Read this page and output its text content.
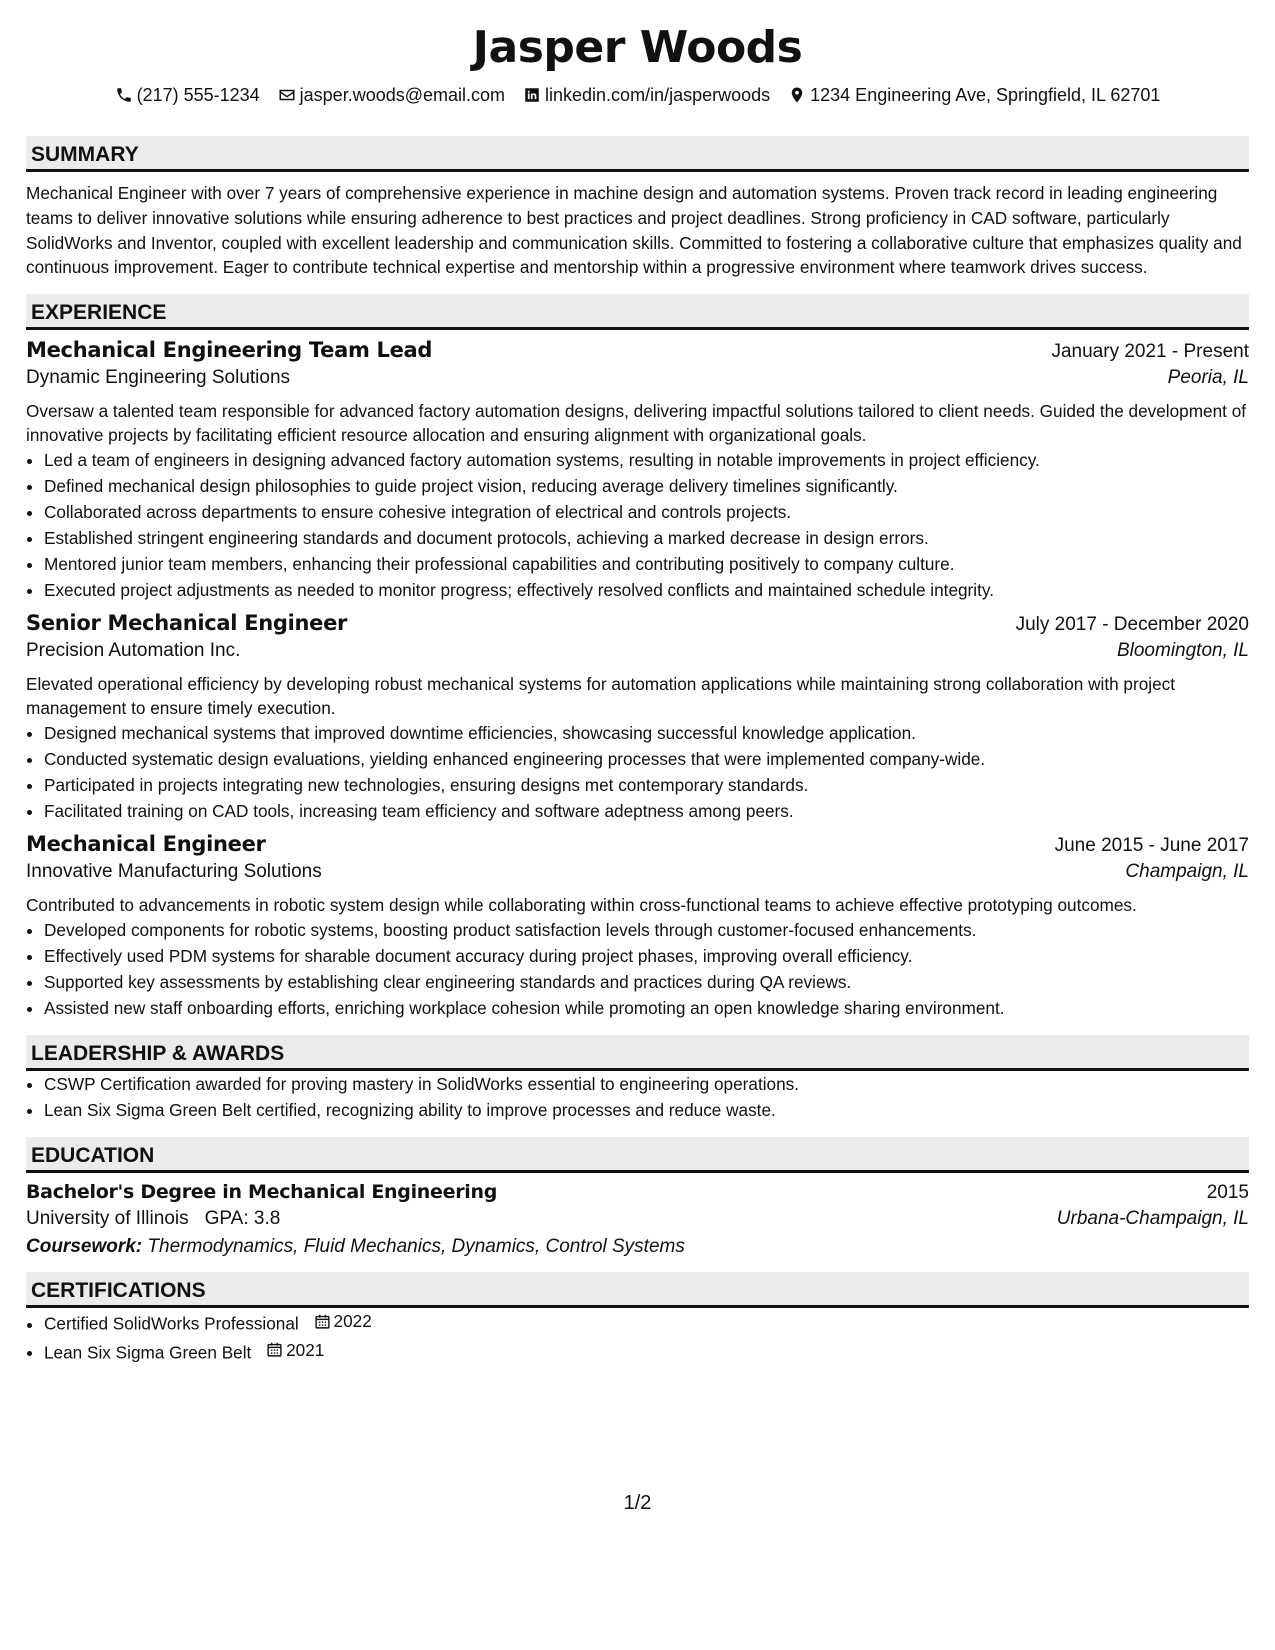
Jasper Woods
(217) 555-1234 jasper.woods@email.com linkedin.com/in/jasperwoods 1234 Engineering Ave, Springfield, IL 62701
SUMMARY
Mechanical Engineer with over 7 years of comprehensive experience in machine design and automation systems. Proven track record in leading engineering teams to deliver innovative solutions while ensuring adherence to best practices and project deadlines. Strong proficiency in CAD software, particularly SolidWorks and Inventor, coupled with excellent leadership and communication skills. Committed to fostering a collaborative culture that emphasizes quality and continuous improvement. Eager to contribute technical expertise and mentorship within a progressive environment where teamwork drives success.
EXPERIENCE
Mechanical Engineering Team Lead	January 2021 - Present
Dynamic Engineering Solutions	Peoria, IL
Oversaw a talented team responsible for advanced factory automation designs, delivering impactful solutions tailored to client needs. Guided the development of innovative projects by facilitating efficient resource allocation and ensuring alignment with organizational goals.
• Led a team of engineers in designing advanced factory automation systems, resulting in notable improvements in project efficiency.
• Defined mechanical design philosophies to guide project vision, reducing average delivery timelines significantly.
• Collaborated across departments to ensure cohesive integration of electrical and controls projects.
• Established stringent engineering standards and document protocols, achieving a marked decrease in design errors.
• Mentored junior team members, enhancing their professional capabilities and contributing positively to company culture.
• Executed project adjustments as needed to monitor progress; effectively resolved conflicts and maintained schedule integrity.
Senior Mechanical Engineer	July 2017 - December 2020
Precision Automation Inc.	Bloomington, IL
Elevated operational efficiency by developing robust mechanical systems for automation applications while maintaining strong collaboration with project management to ensure timely execution.
• Designed mechanical systems that improved downtime efficiencies, showcasing successful knowledge application.
• Conducted systematic design evaluations, yielding enhanced engineering processes that were implemented company-wide.
• Participated in projects integrating new technologies, ensuring designs met contemporary standards.
• Facilitated training on CAD tools, increasing team efficiency and software adeptness among peers.
Mechanical Engineer	June 2015 - June 2017
Innovative Manufacturing Solutions	Champaign, IL
Contributed to advancements in robotic system design while collaborating within cross-functional teams to achieve effective prototyping outcomes.
• Developed components for robotic systems, boosting product satisfaction levels through customer-focused enhancements.
• Effectively used PDM systems for sharable document accuracy during project phases, improving overall efficiency.
• Supported key assessments by establishing clear engineering standards and practices during QA reviews.
• Assisted new staff onboarding efforts, enriching workplace cohesion while promoting an open knowledge sharing environment.
LEADERSHIP & AWARDS
• CSWP Certification awarded for proving mastery in SolidWorks essential to engineering operations.
• Lean Six Sigma Green Belt certified, recognizing ability to improve processes and reduce waste.
EDUCATION
Bachelor's Degree in Mechanical Engineering	2015
University of Illinois GPA: 3.8	Urbana-Champaign, IL
Coursework: Thermodynamics, Fluid Mechanics, Dynamics, Control Systems
CERTIFICATIONS
• Certified SolidWorks Professional 2022
• Lean Six Sigma Green Belt 2021
1/2
